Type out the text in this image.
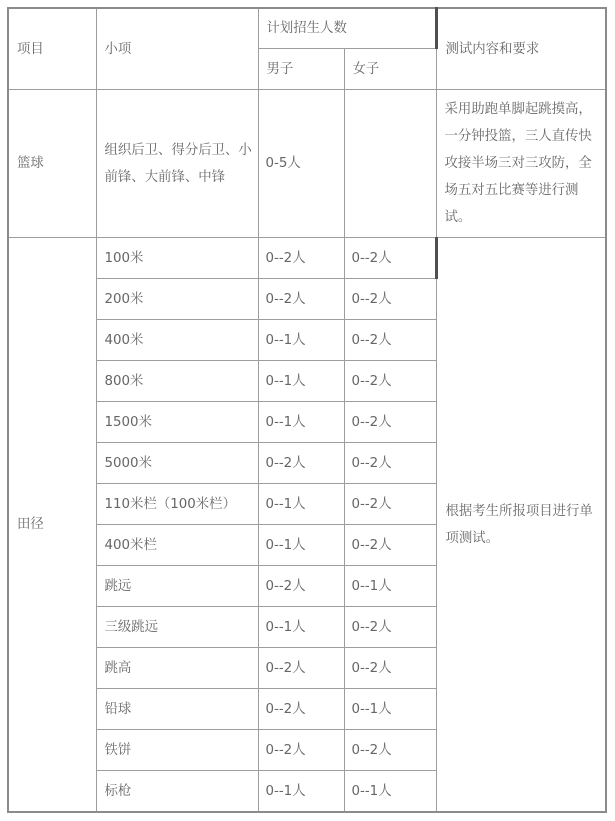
项目	小项	计划招生人数		测试内容和要求
		男子	女子	
篮球	组织后卫、得分后卫、小前锋、大前锋、中锋	0-5人		采用助跑单脚起跳摸高，一分钟投篮，三人直传快攻接半场三对三攻防，全场五对五比赛等进行测试。
田径	100米	0--2人	0--2人	根据考生所报项目进行单项测试。
	200米	0--2人	0--2人	
	400米	0--1人	0--2人	
	800米	0--1人	0--2人	
	1500米	0--1人	0--2人	
	5000米	0--2人	0--2人	
	110米栏（100米栏）	0--1人	0--2人	
	400米栏	0--1人	0--2人	
	跳远	0--2人	0--1人	
	三级跳远	0--1人	0--2人	
	跳高	0--2人	0--2人	
	铅球	0--2人	0--1人	
	铁饼	0--2人	0--2人	
	标枪	0--1人	0--1人	
